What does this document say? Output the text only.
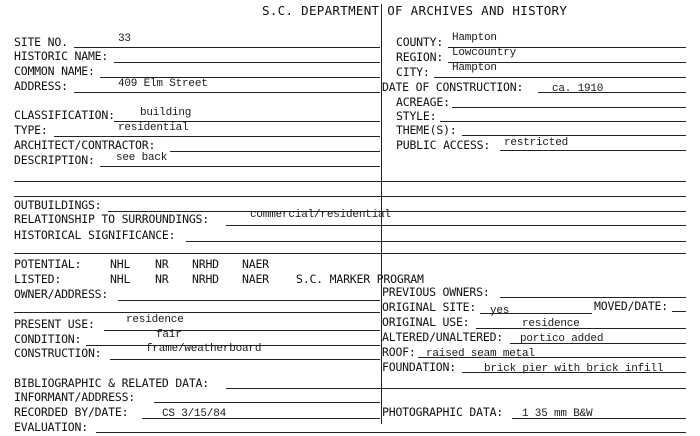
S.C. DEPARTMENT OF ARCHIVES AND HISTORY
SITE NO.	33
HISTORIC NAME:
COMMON NAME:
ADDRESS:	409 Elm Street
CLASSIFICATION: building
TYPE:	residential
ARCHITECT/CONTRACTOR:
DESCRIPTION: see back
COUNTY: Hampton
REGION: Lowcountry
CITY: Hampton
DATE OF CONSTRUCTION:	ca. 1910
ACREAGE:
STYLE:
THEME(S):
PUBLIC ACCESS: restricted
OUTBUILDINGS:
RELATIONSHIP TO SURROUNDINGS:	commercial/residential
HISTORICAL SIGNIFICANCE:
POTENTIAL:	NHL NR NRHD NAER
LISTED:	NHL NR NRHD NAER S.C. MARKER PROGRAM
OWNER/ADDRESS:	PREVIOUS OWNERS:
ORIGINAL SITE: yes	MOVED/DATE:
ORIGINAL USE:	residence
ALTERED/UNALTERED: portico added
ROOF: raised seam metal
FOUNDATION:	brick pier with brick infill
PRESENT USE:	residence
CONDITION:	fair
CONSTRUCTION:	frame/weatherboard
BIBLIOGRAPHIC & RELATED DATA:
INFORMANT/ADDRESS:
RECORDED BY/DATE:	CS 3/15/84
EVALUATION:
PHOTOGRAPHIC DATA: 1 35 mm B&W
